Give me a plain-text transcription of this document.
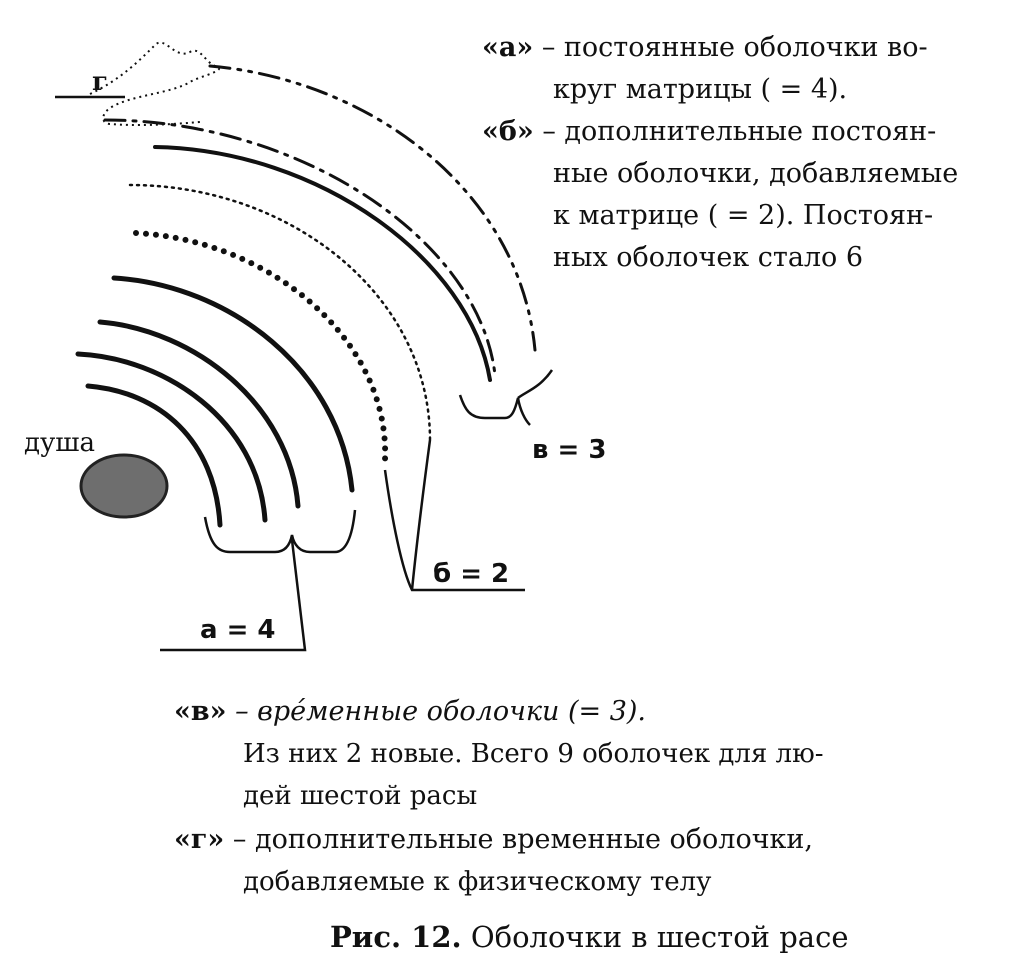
г
душа
а = 4
б = 2
в = 3
«а» – постоянные оболочки во-
круг матрицы ( = 4).
«б» – дополнительные постоян-
ные оболочки, добавляемые
к матрице ( = 2). Постоян-
ных оболочек стало 6
«в» – вре́менные оболочки (= 3).
Из них 2 новые. Всего 9 оболочек для лю-
дей шестой расы
«г» – дополнительные временные оболочки,
добавляемые к физическому телу
Рис. 12. Оболочки в шестой расе
